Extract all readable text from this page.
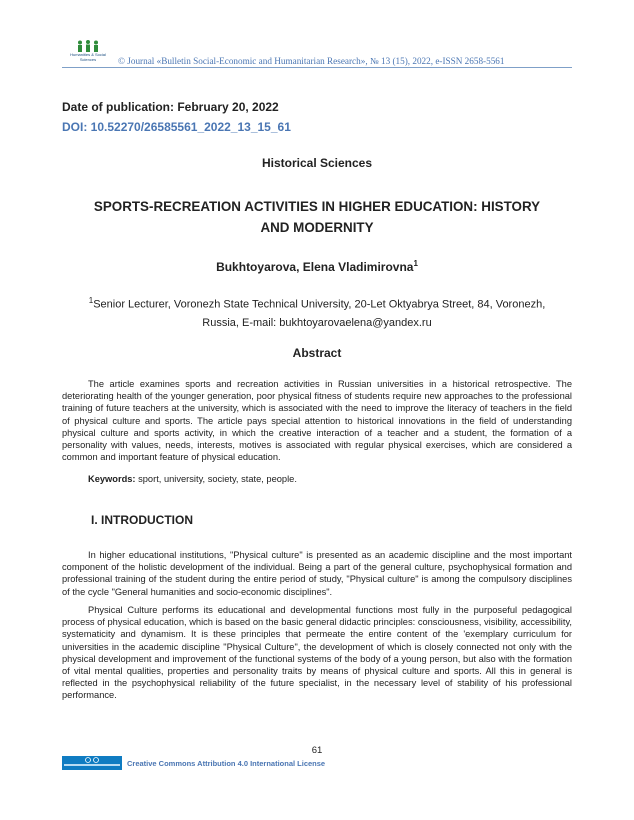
Humanities & Social
Sciences	© Journal «Bulletin Social-Economic and Humanitarian Research», № 13 (15), 2022, e-ISSN 2658-5561
Date of publication: February 20, 2022
DOI: 10.52270/26585561_2022_13_15_61
Historical Sciences
SPORTS-RECREATION ACTIVITIES IN HIGHER EDUCATION: HISTORY
AND MODERNITY
Bukhtoyarova, Elena Vladimirovna$^1$
$^1$Senior Lecturer, Voronezh State Technical University, 20-Let Oktyabrya Street, 84, Voronezh,
Russia, E-mail: bukhtoyarovaelena@yandex.ru
Abstract

The article examines sports and recreation activities in Russian universities in a historical retrospective. The deteriorating health of the younger generation, poor physical fitness of students require new approaches to the professional training of future teachers at the university, which is associated with the need to improve the literacy of teachers in the field of physical culture and sports. The article pays special attention to historical innovations in the field of understanding physical culture and sports activity, in which the creative interaction of a teacher and a student, the formation of a personality with values, needs, interests, motives is associated with regular physical exercises, which are considered a common and important feature of physical education.

Keywords: sport, university, society, state, people.
I. INTRODUCTION

In higher educational institutions, "Physical culture" is presented as an academic discipline and the most important component of the holistic development of the individual. Being a part of the general culture, psychophysical formation and professional training of the student during the entire period of study, "Physical culture" is among the compulsory disciplines of the cycle "General humanities and socio-economic disciplines".

Physical Culture performs its educational and developmental functions most fully in the purposeful pedagogical process of physical education, which is based on the basic general didactic principles: consciousness, visibility, accessibility, systematicity and dynamism. It is these principles that permeate the entire content of the 'exemplary curriculum for universities in the academic discipline "Physical Culture", the development of which is closely connected not only with the physical development and improvement of the functional systems of the body of a young person, but also with the formation of vital mental qualities, properties and personality traits by means of physical culture and sports. All this in general is reflected in the psychophysical reliability of the future specialist, in the necessary level of stability of his professional performance.

61
Creative Commons Attribution 4.0 International License
